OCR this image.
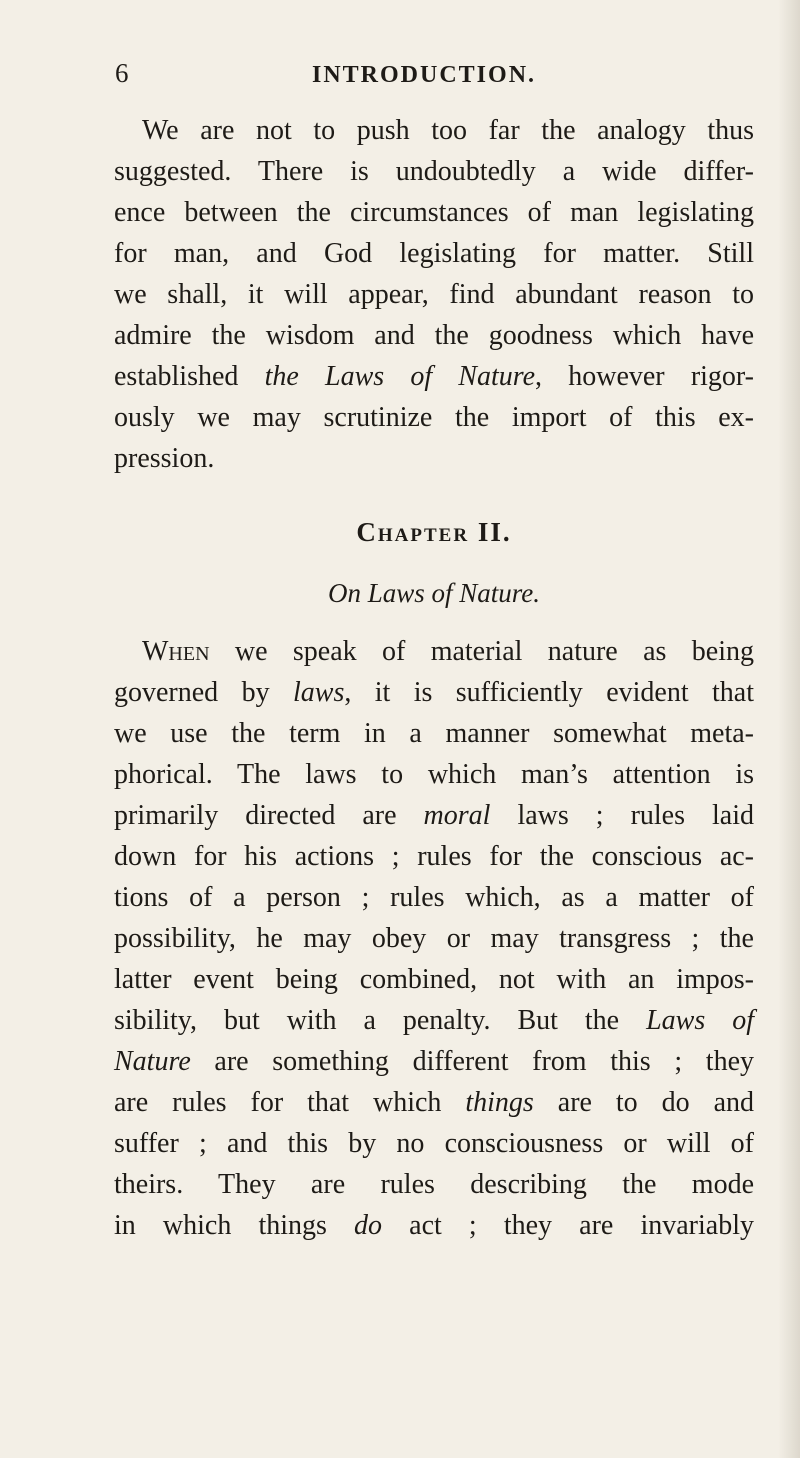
6	INTRODUCTION.

We are not to push too far the analogy thus
suggested. There is undoubtedly a wide differ-
ence between the circumstances of man legislating
for man, and God legislating for matter. Still
we shall, it will appear, find abundant reason to
admire the wisdom and the goodness which have
established the Laws of Nature, however rigor-
ously we may scrutinize the import of this ex-
pression.

Chapter II.
On Laws of Nature.

When we speak of material nature as being
governed by laws, it is sufficiently evident that
we use the term in a manner somewhat meta-
phorical. The laws to which man’s attention is
primarily directed are moral laws ; rules laid
down for his actions ; rules for the conscious ac-
tions of a person ; rules which, as a matter of
possibility, he may obey or may transgress ; the
latter event being combined, not with an impos-
sibility, but with a penalty. But the Laws of
Nature are something different from this ; they
are rules for that which things are to do and
suffer ; and this by no consciousness or will of
theirs. They are rules describing the mode
in which things do act ; they are invariably
